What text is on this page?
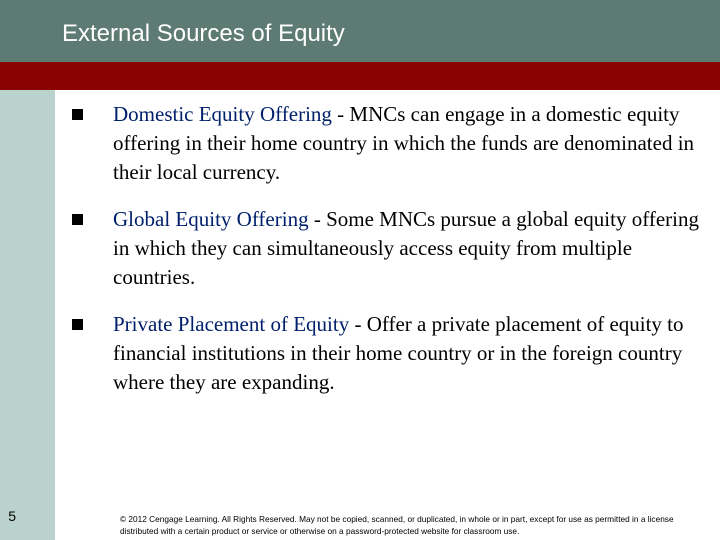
External Sources of Equity
Domestic Equity Offering - MNCs can engage in a domestic equity offering in their home country in which the funds are denominated in their local currency.
Global Equity Offering - Some MNCs pursue a global equity offering in which they can simultaneously access equity from multiple countries.
Private Placement of Equity - Offer a private placement of equity to financial institutions in their home country or in the foreign country where they are expanding.
5	© 2012 Cengage Learning. All Rights Reserved. May not be copied, scanned, or duplicated, in whole or in part, except for use as permitted in a license distributed with a certain product or service or otherwise on a password-protected website for classroom use.
